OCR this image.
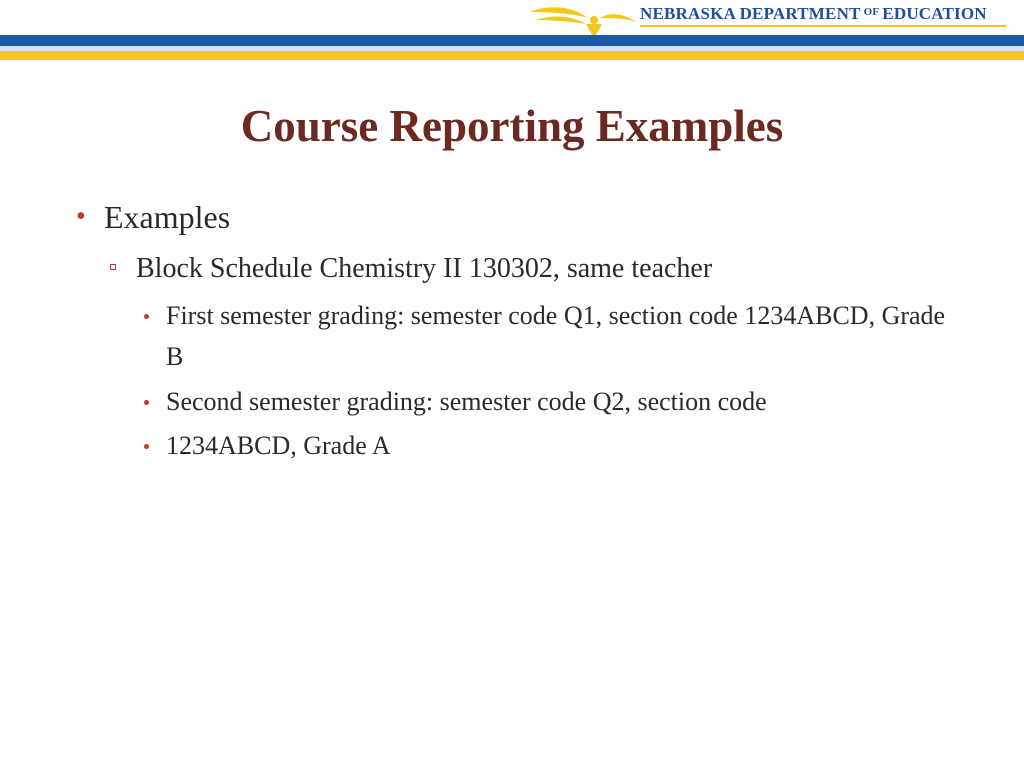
NEBRASKA DEPARTMENT $^{OF}$ EDUCATION
Course Reporting Examples
• Examples
Block Schedule Chemistry II 130302, same teacher
First semester grading: semester code Q1, section code 1234ABCD, Grade B
Second semester grading: semester code Q2, section code
1234ABCD, Grade A
